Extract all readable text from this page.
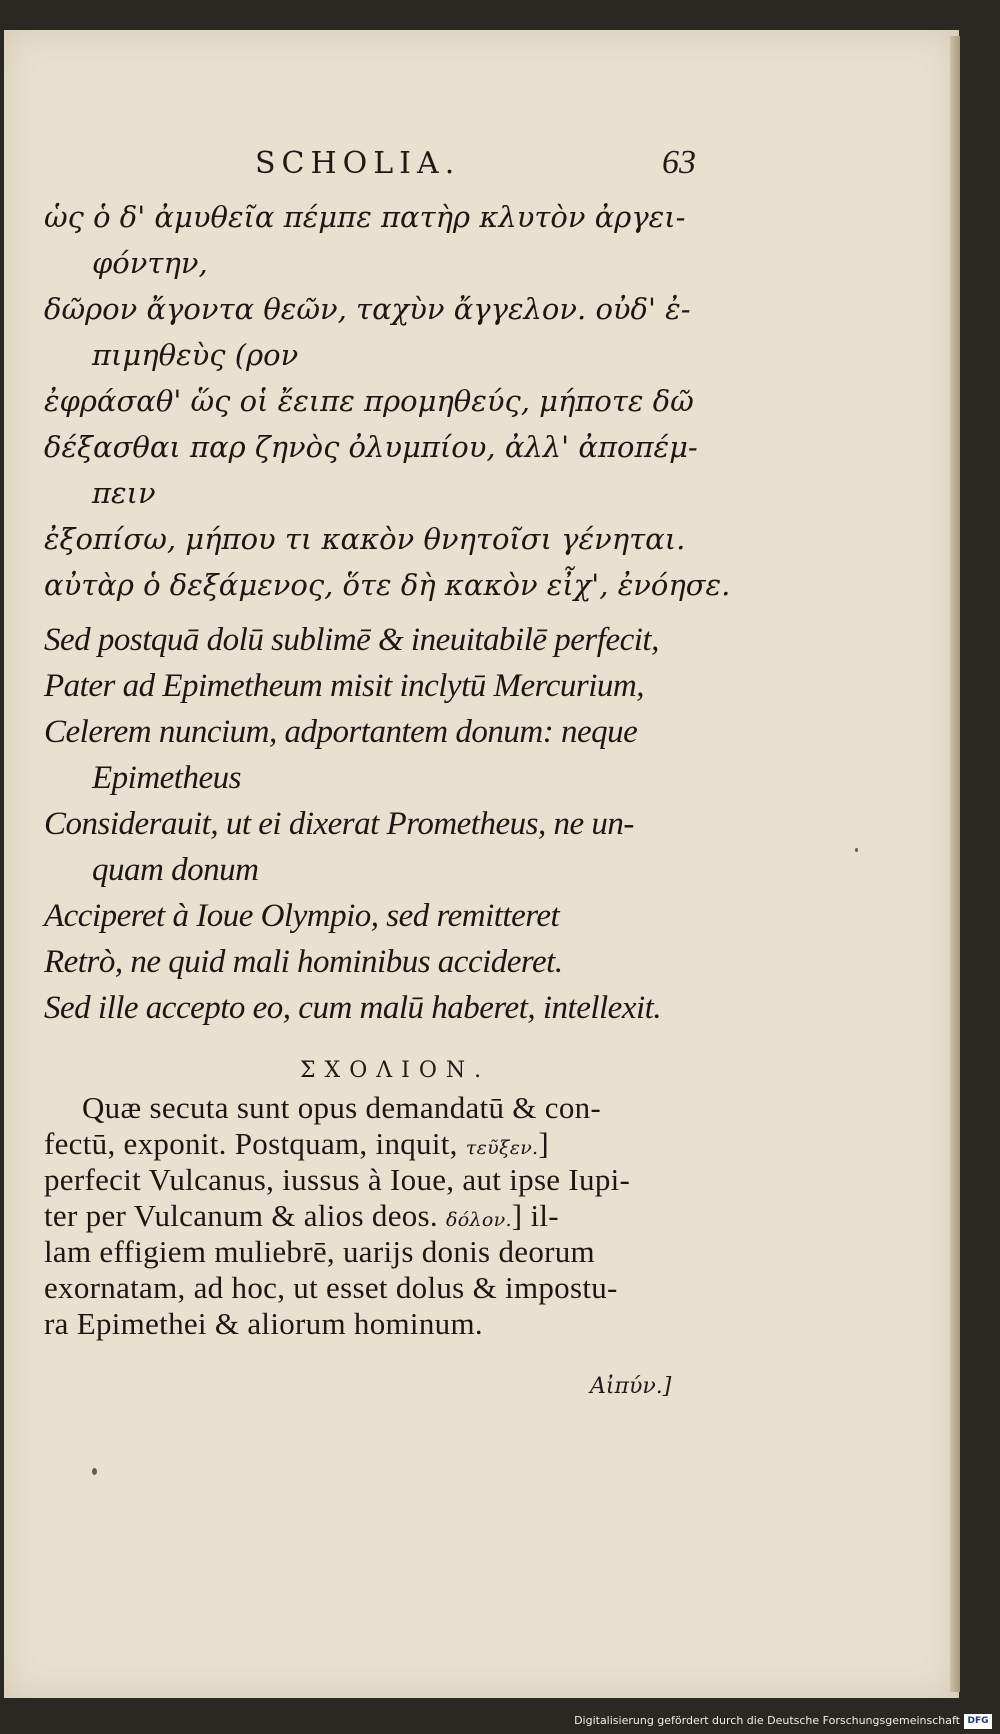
SCHOLIA.	63
ὡς ὁ δ' ἀμυθεῖα πέμπε πατὴρ κλυτὸν ἀργει-
φόντην,
δῶρον ἄγοντα θεῶν, ταχὺν ἄγγελον. οὐδ' ἐ-
πιμηθεὺς (ρον
ἐφράσαθ' ὥς οἱ ἔειπε προμηθεύς, μήποτε δῶ
δέξασθαι παρ ζηνὸς ὀλυμπίου, ἀλλ' ἀποπέμ-
πειν
ἐξοπίσω, μήπου τι κακὸν θνητοῖσι γένηται.
αὐτὰρ ὁ δεξάμενος, ὅτε δὴ κακὸν εἶχ', ἐνόησε.
Sed postquā dolū sublimē & ineuitabilē perfecit,
Pater ad Epimetheum misit inclytū Mercurium,
Celerem nuncium, adportantem donum: neque
Epimetheus
Considerauit, ut ei dixerat Prometheus, ne un-
quam donum
Acciperet à Ioue Olympio, sed remitteret
Retrò, ne quid mali hominibus accideret.
Sed ille accepto eo, cum malū haberet, intellexit.
ΣΧΟΛΙΟΝ.
Quæ secuta sunt opus demandatū & con-
fectū, exponit. Postquam, inquit, τεῦξεν.]
perfecit Vulcanus, iussus à Ioue, aut ipse Iupi-
ter per Vulcanum & alios deos. δόλον.] il-
lam effigiem muliebrē, uarijs donis deorum
exornatam, ad hoc, ut esset dolus & impostu-
ra Epimethei & aliorum hominum.
Αἰπύν.]
Digitalisierung gefördert durch die Deutsche Forschungsgemeinschaft DFG
